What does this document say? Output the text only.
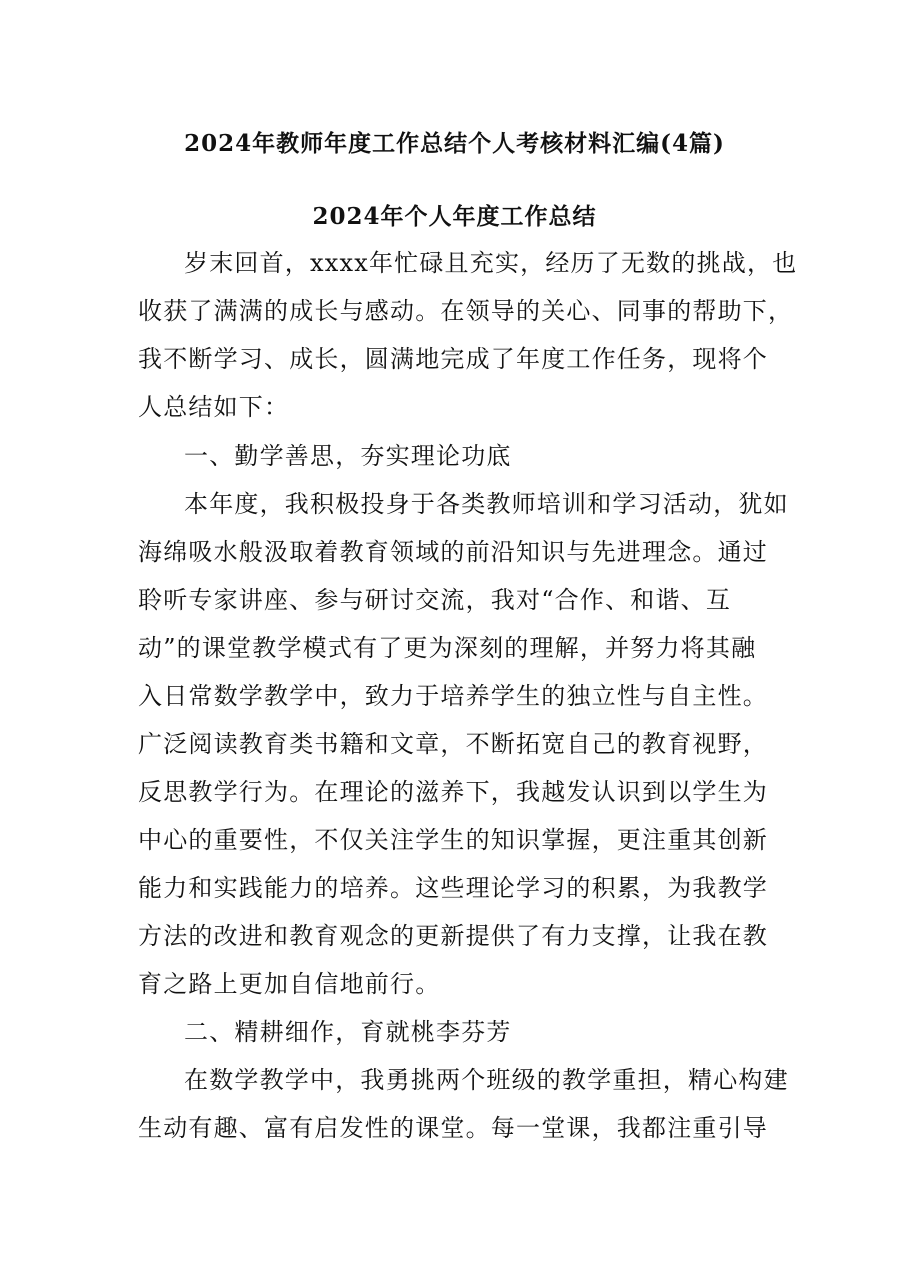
2024年教师年度工作总结个人考核材料汇编(4篇)
2024年个人年度工作总结
岁末回首，xxxx年忙碌且充实，经历了无数的挑战，也
收获了满满的成长与感动。在领导的关心、同事的帮助下，
我不断学习、成长，圆满地完成了年度工作任务，现将个
人总结如下：
一、勤学善思，夯实理论功底
本年度，我积极投身于各类教师培训和学习活动，犹如
海绵吸水般汲取着教育领域的前沿知识与先进理念。通过
聆听专家讲座、参与研讨交流，我对“合作、和谐、互
动”的课堂教学模式有了更为深刻的理解，并努力将其融
入日常数学教学中，致力于培养学生的独立性与自主性。
广泛阅读教育类书籍和文章，不断拓宽自己的教育视野，
反思教学行为。在理论的滋养下，我越发认识到以学生为
中心的重要性，不仅关注学生的知识掌握，更注重其创新
能力和实践能力的培养。这些理论学习的积累，为我教学
方法的改进和教育观念的更新提供了有力支撑，让我在教
育之路上更加自信地前行。
二、精耕细作，育就桃李芬芳
在数学教学中，我勇挑两个班级的教学重担，精心构建
生动有趣、富有启发性的课堂。每一堂课，我都注重引导
